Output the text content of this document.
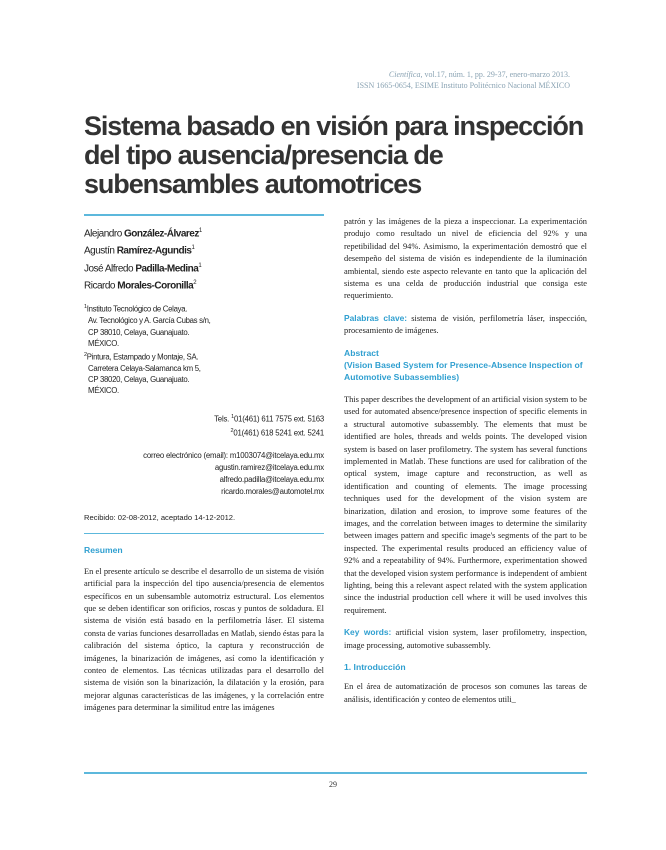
Científica, vol.17, núm. 1, pp. 29-37, enero-marzo 2013.
ISSN 1665-0654, ESIME Instituto Politécnico Nacional MÉXICO
Sistema basado en visión para inspección
del tipo ausencia/presencia de
subensambles automotrices
Alejandro González-Álvarez$^1$
Agustín Ramírez-Agundis$^1$
José Alfredo Padilla-Medina$^1$
Ricardo Morales-Coronilla$^2$
$^1$Instituto Tecnológico de Celaya.
Av. Tecnológico y A. García Cubas s/n,
CP 38010, Celaya, Guanajuato.
MÉXICO.
$^2$Pintura, Estampado y Montaje, SA.
Carretera Celaya-Salamanca km 5,
CP 38020, Celaya, Guanajuato.
MÉXICO.
Tels. $^1$01(461) 611 7575 ext. 5163
$^2$01(461) 618 5241 ext. 5241
correo electrónico (email): m1003074@itcelaya.edu.mx
agustin.ramirez@itcelaya.edu.mx
alfredo.padilla@itcelaya.edu.mx
ricardo.morales@automotel.mx
Recibido: 02-08-2012, aceptado 14-12-2012.
Resumen
En el presente artículo se describe el desarrollo de un sistema de visión artificial para la inspección del tipo ausencia/presencia de elementos específicos en un subensamble automotriz estructural. Los elementos que se deben identificar son orificios, roscas y puntos de soldadura. El sistema de visión está basado en la perfilometría láser. El sistema consta de varias funciones desarrolladas en Matlab, siendo éstas para la calibración del sistema óptico, la captura y reconstrucción de imágenes, la binarización de imágenes, así como la identificación y conteo de elementos. Las técnicas utilizadas para el desarrollo del sistema de visión son la binarización, la dilatación y la erosión, para mejorar algunas características de las imágenes, y la correlación entre imágenes para determinar la similitud entre las imágenes
patrón y las imágenes de la pieza a inspeccionar. La experimentación produjo como resultado un nivel de eficiencia del 92% y una repetibilidad del 94%. Asimismo, la experimentación demostró que el desempeño del sistema de visión es independiente de la iluminación ambiental, siendo este aspecto relevante en tanto que la aplicación del sistema es una celda de producción industrial que consiga este requerimiento.
Palabras clave: sistema de visión, perfilometría láser, inspección, procesamiento de imágenes.
Abstract
(Vision Based System for Presence-Absence Inspection of Automotive Subassemblies)
This paper describes the development of an artificial vision system to be used for automated absence/presence inspection of specific elements in a structural automotive subassembly. The elements that must be identified are holes, threads and welds points. The developed vision system is based on laser profilometry. The system has several functions implemented in Matlab. These functions are used for calibration of the optical system, image capture and reconstruction, as well as identification and counting of elements. The image processing techniques used for the development of the vision system are binarization, dilation and erosion, to improve some features of the images, and the correlation between images to determine the similarity between images pattern and specific image's segments of the part to be inspected. The experimental results produced an efficiency value of 92% and a repeatability of 94%. Furthermore, experimentation showed that the developed vision system performance is independent of ambient lighting, being this a relevant aspect related with the system application since the industrial production cell where it will be used involves this requirement.
Key words: artificial vision system, laser profilometry, inspection, image processing, automotive subassembly.
1. Introducción
En el área de automatización de procesos son comunes las tareas de análisis, identificación y conteo de elementos utili_
29
